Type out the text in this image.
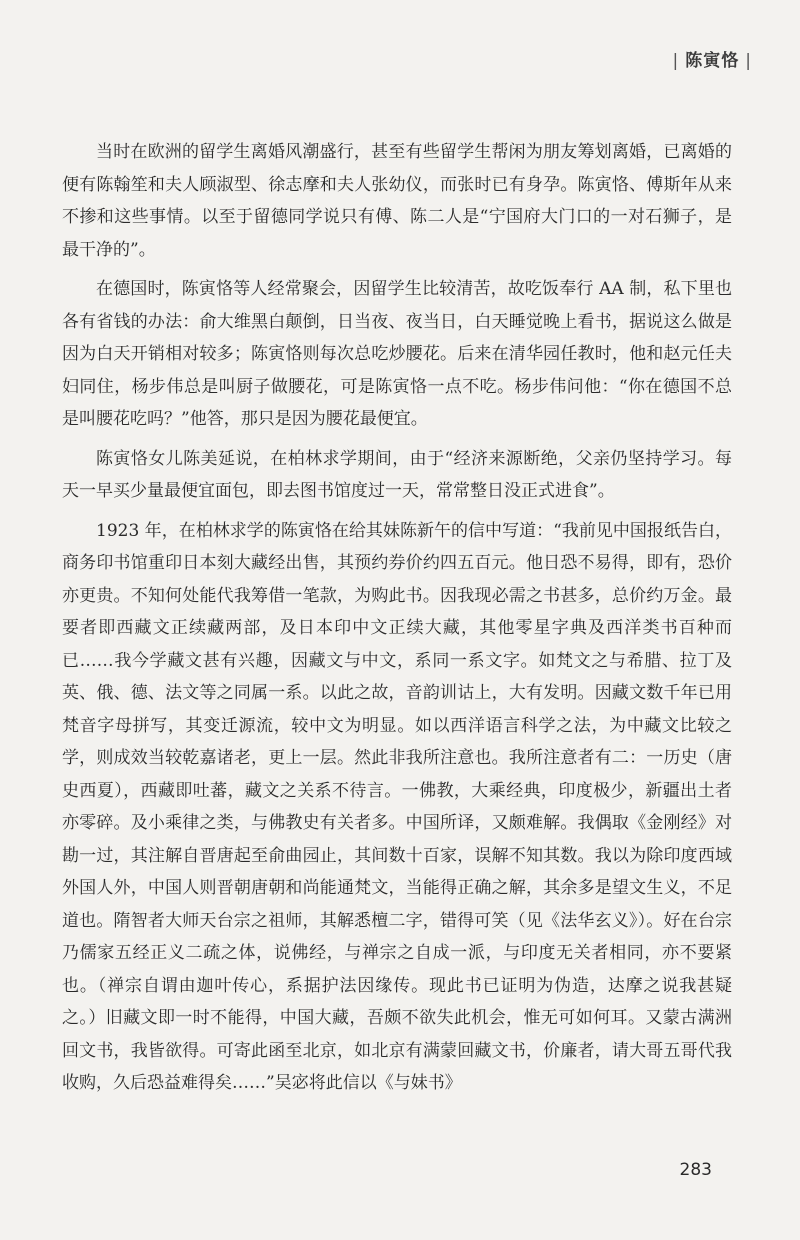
| 陈寅恪 |

当时在欧洲的留学生离婚风潮盛行，甚至有些留学生帮闲为朋友筹划离婚，已离婚的便有陈翰笙和夫人顾淑型、徐志摩和夫人张幼仪，而张时已有身孕。陈寅恪、傅斯年从来不掺和这些事情。以至于留德同学说只有傅、陈二人是“宁国府大门口的一对石狮子，是最干净的”。

在德国时，陈寅恪等人经常聚会，因留学生比较清苦，故吃饭奉行 AA 制，私下里也各有省钱的办法：俞大维黑白颠倒，日当夜、夜当日，白天睡觉晚上看书，据说这么做是因为白天开销相对较多；陈寅恪则每次总吃炒腰花。后来在清华园任教时，他和赵元任夫妇同住，杨步伟总是叫厨子做腰花，可是陈寅恪一点不吃。杨步伟问他：“你在德国不总是叫腰花吃吗？”他答，那只是因为腰花最便宜。

陈寅恪女儿陈美延说，在柏林求学期间，由于“经济来源断绝，父亲仍坚持学习。每天一早买少量最便宜面包，即去图书馆度过一天，常常整日没正式进食”。

1923 年，在柏林求学的陈寅恪在给其妹陈新午的信中写道：“我前见中国报纸告白，商务印书馆重印日本刻大藏经出售，其预约券价约四五百元。他日恐不易得，即有，恐价亦更贵。不知何处能代我筹借一笔款，为购此书。因我现必需之书甚多，总价约万金。最要者即西藏文正续藏两部，及日本印中文正续大藏，其他零星字典及西洋类书百种而已……我今学藏文甚有兴趣，因藏文与中文，系同一系文字。如梵文之与希腊、拉丁及英、俄、德、法文等之同属一系。以此之故，音韵训诂上，大有发明。因藏文数千年已用梵音字母拼写，其变迁源流，较中文为明显。如以西洋语言科学之法，为中藏文比较之学，则成效当较乾嘉诸老，更上一层。然此非我所注意也。我所注意者有二：一历史（唐史西夏），西藏即吐蕃，藏文之关系不待言。一佛教，大乘经典，印度极少，新疆出土者亦零碎。及小乘律之类，与佛教史有关者多。中国所译，又颇难解。我偶取《金刚经》对勘一过，其注解自晋唐起至俞曲园止，其间数十百家，误解不知其数。我以为除印度西域外国人外，中国人则晋朝唐朝和尚能通梵文，当能得正确之解，其余多是望文生义，不足道也。隋智者大师天台宗之祖师，其解悉檀二字，错得可笑（见《法华玄义》）。好在台宗乃儒家五经正义二疏之体，说佛经，与禅宗之自成一派，与印度无关者相同，亦不要紧也。（禅宗自谓由迦叶传心，系据护法因缘传。现此书已证明为伪造，达摩之说我甚疑之。）旧藏文即一时不能得，中国大藏，吾颇不欲失此机会，惟无可如何耳。又蒙古满洲回文书，我皆欲得。可寄此函至北京，如北京有满蒙回藏文书，价廉者，请大哥五哥代我收购，久后恐益难得矣……”吴宓将此信以《与妹书》

283
